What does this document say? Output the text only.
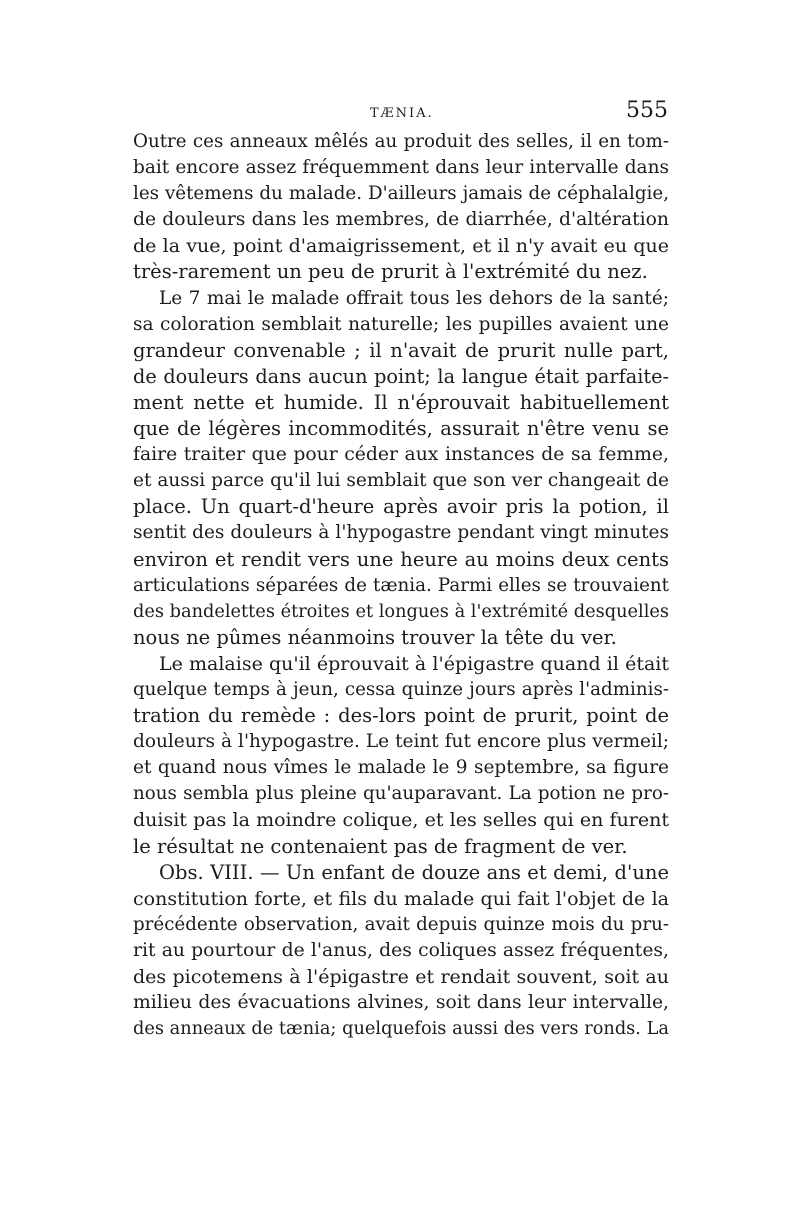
TÆNIA.	555
Outre ces anneaux mêlés au produit des selles, il en tom-
bait encore assez fréquemment dans leur intervalle dans
les vêtemens du malade. D'ailleurs jamais de céphalalgie,
de douleurs dans les membres, de diarrhée, d'altération
de la vue, point d'amaigrissement, et il n'y avait eu que
très-rarement un peu de prurit à l'extrémité du nez.
Le 7 mai le malade offrait tous les dehors de la santé;
sa coloration semblait naturelle; les pupilles avaient une
grandeur convenable ; il n'avait de prurit nulle part,
de douleurs dans aucun point; la langue était parfaite-
ment nette et humide. Il n'éprouvait habituellement
que de légères incommodités, assurait n'être venu se
faire traiter que pour céder aux instances de sa femme,
et aussi parce qu'il lui semblait que son ver changeait de
place. Un quart-d'heure après avoir pris la potion, il
sentit des douleurs à l'hypogastre pendant vingt minutes
environ et rendit vers une heure au moins deux cents
articulations séparées de tænia. Parmi elles se trouvaient
des bandelettes étroites et longues à l'extrémité desquelles
nous ne pûmes néanmoins trouver la tête du ver.
Le malaise qu'il éprouvait à l'épigastre quand il était
quelque temps à jeun, cessa quinze jours après l'adminis-
tration du remède : des-lors point de prurit, point de
douleurs à l'hypogastre. Le teint fut encore plus vermeil;
et quand nous vîmes le malade le 9 septembre, sa figure
nous sembla plus pleine qu'auparavant. La potion ne pro-
duisit pas la moindre colique, et les selles qui en furent
le résultat ne contenaient pas de fragment de ver.
Obs. VIII. — Un enfant de douze ans et demi, d'une
constitution forte, et fils du malade qui fait l'objet de la
précédente observation, avait depuis quinze mois du pru-
rit au pourtour de l'anus, des coliques assez fréquentes,
des picotemens à l'épigastre et rendait souvent, soit au
milieu des évacuations alvines, soit dans leur intervalle,
des anneaux de tænia; quelquefois aussi des vers ronds. La
